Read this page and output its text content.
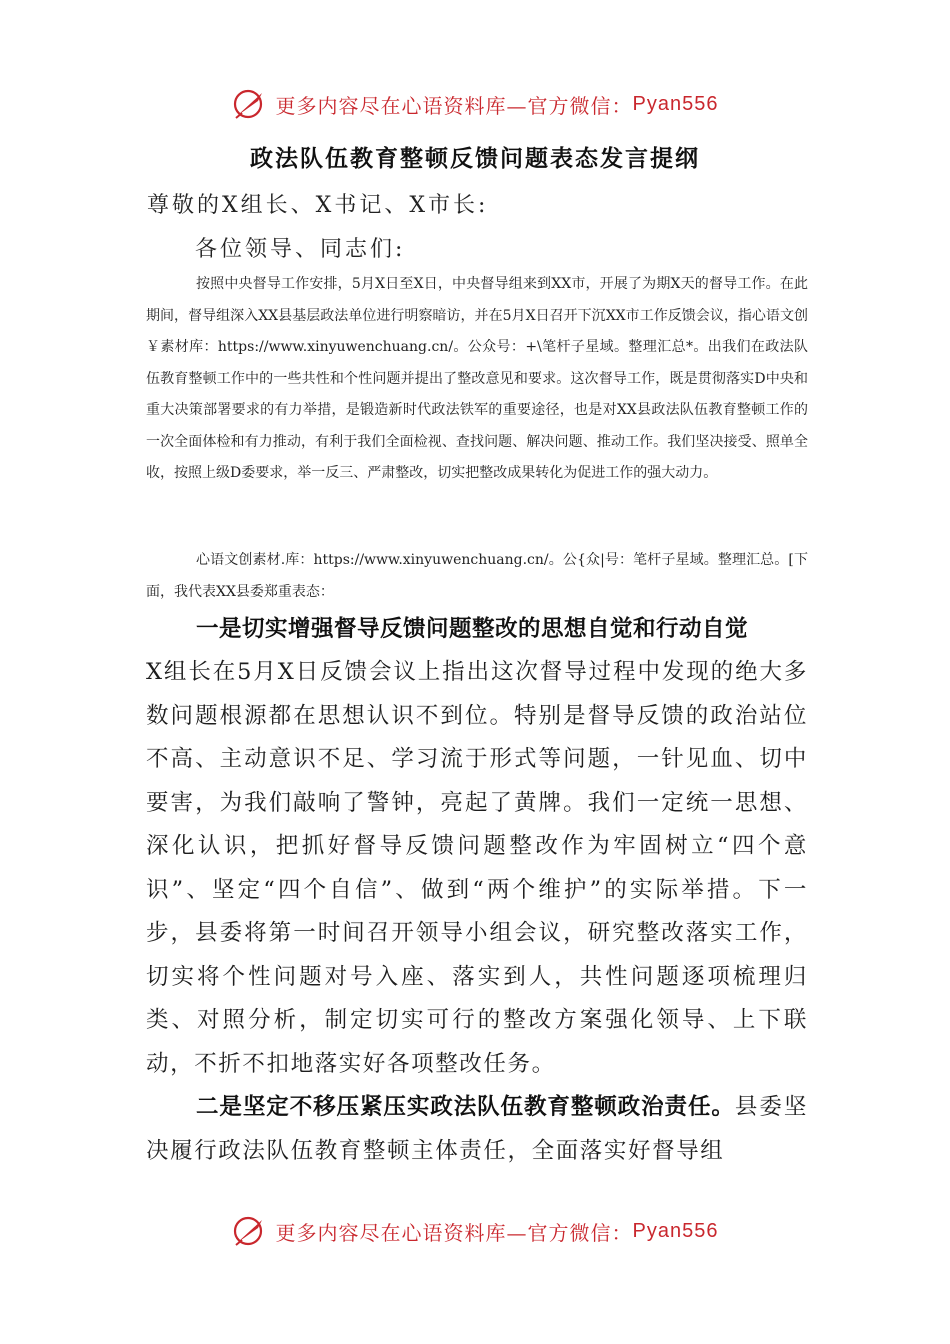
更多内容尽在心语资料库—官方微信： Pyan556
政法队伍教育整顿反馈问题表态发言提纲
尊敬的X组长、X书记、X市长:
各位领导、同志们:

按照中央督导工作安排，5月X日至X日，中央督导组来到XX市，开展了为期X天的督导工作。在此期间，督导组深入XX县基层政法单位进行明察暗访，并在5月X日召开下沉XX市工作反馈会议，指心语文创￥素材库：https://www.xinyuwenchuang.cn/。公众号：+\笔杆子星域。整理汇总*。出我们在政法队伍教育整顿工作中的一些共性和个性问题并提出了整改意见和要求。这次督导工作，既是贯彻落实D中央和重大决策部署要求的有力举措，是锻造新时代政法铁军的重要途径，也是对XX县政法队伍教育整顿工作的一次全面体检和有力推动，有利于我们全面检视、查找问题、解决问题、推动工作。我们坚决接受、照单全收，按照上级D委要求，举一反三、严肃整改，切实把整改成果转化为促进工作的强大动力。

心语文创素材.库：https://www.xinyuwenchuang.cn/。公{众|号：笔杆子星域。整理汇总。[下面，我代表XX县委郑重表态：

一是切实增强督导反馈问题整改的思想自觉和行动自觉

X组长在5月X日反馈会议上指出这次督导过程中发现的绝大多数问题根源都在思想认识不到位。特别是督导反馈的政治站位不高、主动意识不足、学习流于形式等问题，一针见血、切中要害，为我们敲响了警钟，亮起了黄牌。我们一定统一思想、深化认识，把抓好督导反馈问题整改作为牢固树立“四个意识”、坚定“四个自信”、做到“两个维护”的实际举措。下一步，县委将第一时间召开领导小组会议，研究整改落实工作，切实将个性问题对号入座、落实到人，共性问题逐项梳理归类、对照分析，制定切实可行的整改方案强化领导、上下联动，不折不扣地落实好各项整改任务。

二是坚定不移压紧压实政法队伍教育整顿政治责任。县委坚决履行政法队伍教育整顿主体责任，全面落实好督导组

更多内容尽在心语资料库—官方微信： Pyan556
